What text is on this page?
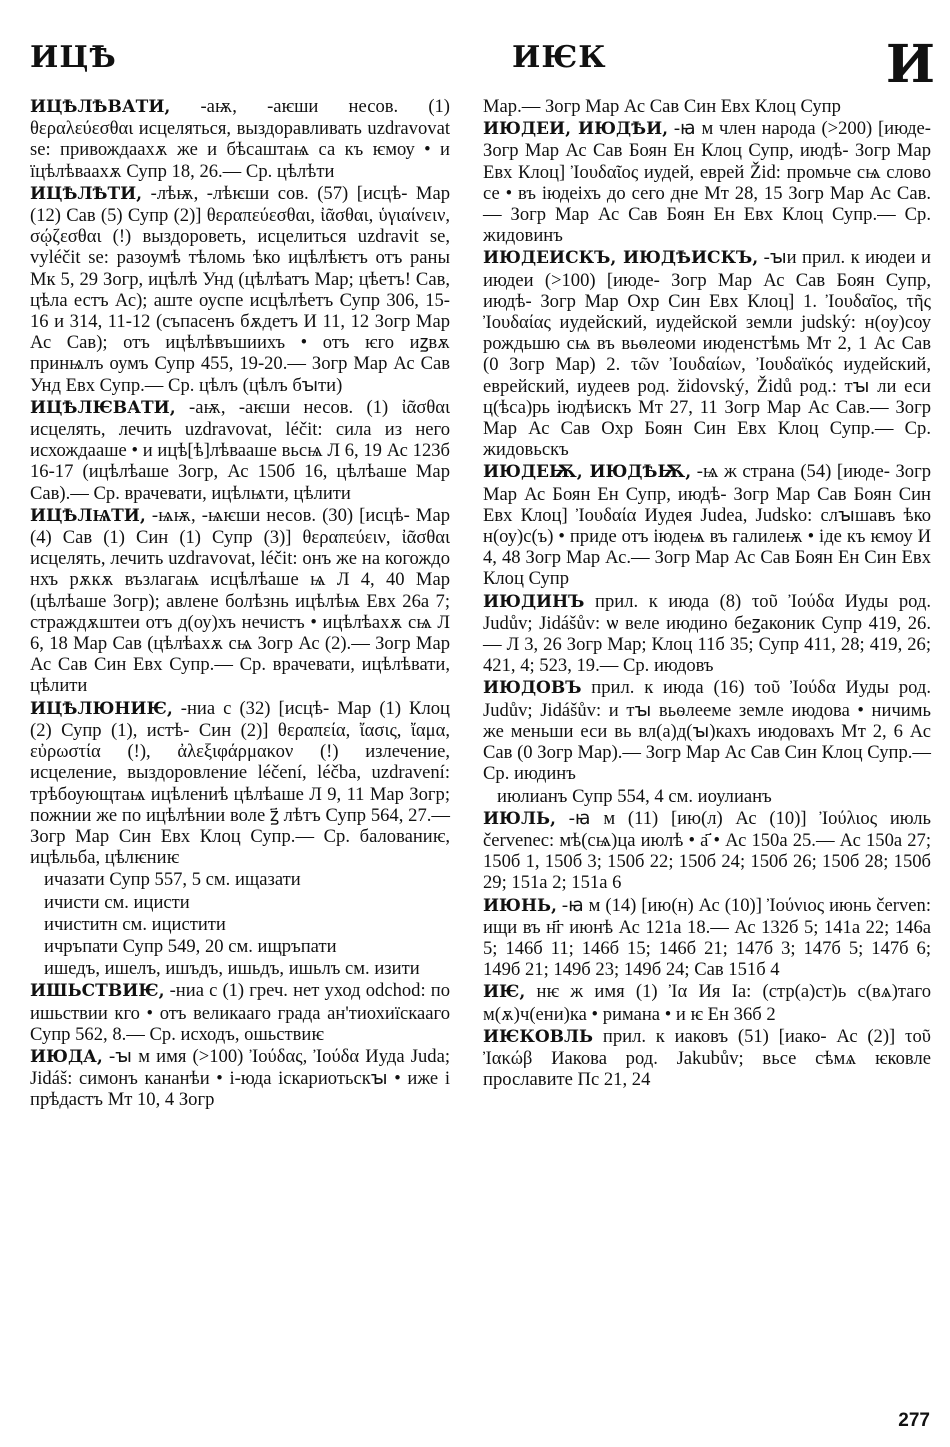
ИЦѢ	ИѤК	И

ИЦѢЛѢВАТИ, -аѭ, -аѥши несов. (1) θεραλεύεσθαι исцеляться, выздоравливать uzdravovat se: привождаахѫ же и бѣсаштаѩ са къ ѥмоу • и їцѣлѣваахѫ Супр 18, 26.— Ср. цѣлѣти

ИЦѢЛѢТИ, -лѣѭ, -лѣѥши сов. (57) [исцѣ- Мар (12) Сав (5) Супр (2)] θεραπεύεσθαι, ἰᾶσθαι, ὑγιαίνειν, σῴζεσθαι (!) выздороветь, исцелиться uzdravit se, vyléčit se: разоумѣ тѣломь ѣко ицѣлѣѥтъ отъ раны Мк 5, 29 Зогр, ицѣлѣ Унд (цѣлѣатъ Мар; цѣетъ! Сав, цѣла естъ Ас); аште оуспе исцѣлѣетъ Супр 306, 15-16 и 314, 11-12 (съпасенъ бѫдетъ И 11, 12 Зогр Мар Ас Сав); отъ ицѣлѣвъшиихъ • отъ ѥго иꙁвѫ принѩлъ оумъ Супр 455, 19-20.— Зогр Мар Ас Сав Унд Евх Супр.— Ср. цѣлъ (цѣлъ бꙑти)

ИЦѢЛѤВАТИ, -аѭ, -аѥши несов. (1) ἰᾶσθαι исцелять, лечить uzdravovat, léčit: сила из него исхождааше • и ицѣ[ѣ]лѣвааше вьсѩ Л 6, 19 Ас 123б 16-17 (ицѣлѣаше Зогр, Ас 150б 16, цѣлѣаше Мар Сав).— Ср. врачевати, ицѣлѩти, цѣлити

ИЦѢЛѨТИ, -ѩѭ, -ѩѥши несов. (30) [исцѣ- Мар (4) Сав (1) Син (1) Супр (3)] θεραπεύειν, ἰᾶσθαι исцелять, лечить uzdravovat, léčit: онъ же на когождо нхъ рѫкѫ възлагаѩ исцѣлѣаше ѩ Л 4, 40 Мар (цѣлѣаше Зогр); авлене болѣзнь ицѣлѣѩ Евх 26а 7; страждѫштеи отъ д(оу)хъ нечистъ • ицѣлѣахѫ сѩ Л 6, 18 Мар Сав (цѣлѣахѫ сѩ Зогр Ас (2).— Зогр Мар Ас Сав Син Евх Супр.— Ср. врачевати, ицѣлѣвати, цѣлити

ИЦѢЛЮНИѤ, -ниа с (32) [исцѣ- Мар (1) Клоц (2) Супр (1), истѣ- Син (2)] θεραπεία, ἴασις, ἴαμα, εὐρωστία (!), ἀλεξιφάρμακον (!) излечение, исцеление, выздоровление léčení, léčba, uzdravení: трѣбоующтаѩ ицѣлениѣ цѣлѣаше Л 9, 11 Мар Зогр; пожнии же по ицѣлѣнии воле ꙁ҃ лѣтъ Супр 564, 27.— Зогр Мар Син Евх Клоц Супр.— Ср. балованиѥ, ицѣльба, цѣлѥниѥ

ичазати Супр 557, 5 см. ищазати

ичисти см. ицисти

ичиститн см. ицистити

ичръпати Супр 549, 20 см. ищръпати

ишедъ, ишелъ, ишъдъ, ишьдъ, ишьлъ см. изити

ИШЬСТВИѤ, -ниа с (1) греч. нет уход odchod: по ишьствии кго • отъ великааго града ан'тиохиїскааго Супр 562, 8.— Ср. исходъ, ошьствиѥ

ИЮДА, -ꙑ м имя (>100) Ἰούδας, Ἰούδα Иуда Juda; Jidáš: симонъ кананѣи • і-юда іскариотьскꙑ • иже і прѣдастъ Мт 10, 4 Зогр

Мар.— Зогр Мар Ас Сав Син Евх Клоц Супр

ИЮДЕИ, ИЮДѢИ, -ꙗ м член народа (>200) [июде- Зогр Мар Ас Сав Боян Ен Клоц Супр, июдѣ- Зогр Мар Евх Клоц] Ἰουδαῖος иудей, еврей Žid: промьче сѩ слово се • въ іюдеіхъ до сего дне Мт 28, 15 Зогр Мар Ас Сав.— Зогр Мар Ас Сав Боян Ен Евх Клоц Супр.— Ср. жидовинъ

ИЮДЕИСКЪ, ИЮДѢИСКЪ, -ꙑи прил. к июдеи и июдеи (>100) [июде- Зогр Мар Ас Сав Боян Супр, июдѣ- Зогр Мар Охр Син Евх Клоц] 1. Ἰουδαῖος, τῆς Ἰουδαίας иудейский, иудейской земли judský: н(оу)соу рождьшю сѩ въ вьѳлеоми июденстѣмь Мт 2, 1 Ас Сав (0 Зогр Мар) 2. τῶν Ἰουδαίων, Ἰουδαϊκός иудейский, еврейский, иудеев род. židovský, Židů род.: тꙑ ли еси ц(ѣса)рь іюдѣискъ Мт 27, 11 Зогр Мар Ас Сав.— Зогр Мар Ас Сав Охр Боян Син Евх Клоц Супр.— Ср. жидовьскъ

ИЮДЕѬ, ИЮДѢѬ, -ѩ ж страна (54) [июде- Зогр Мар Ас Боян Ен Супр, июдѣ- Зогр Мар Сав Боян Син Евх Клоц] Ἰουδαία Иудея Judea, Judsko: слꙑшавъ ѣко н(оу)с(ъ) • приде отъ іюдеѩ въ галилеѭ • іде къ ѥмоу И 4, 48 Зогр Мар Ас.— Зогр Мар Ас Сав Боян Ен Син Евх Клоц Супр

ИЮДИНЪ прил. к июда (8) τοῦ Ἰούδα Иуды род. Judův; Jidášův: ѡ веле июдино беꙁаконик Супр 419, 26.— Л 3, 26 Зогр Мар; Клоц 11б 35; Супр 411, 28; 419, 26; 421, 4; 523, 19.— Ср. июдовъ

ИЮДОВЪ прил. к июда (16) τοῦ Ἰούδα Иуды род. Judův; Jidášův: и тꙑ вьѳлееме земле июдова • ничимь же меньши еси вь вл(а)д(ꙑ)кахъ июдовахъ Мт 2, 6 Ас Сав (0 Зогр Мар).— Зогр Мар Ас Сав Син Клоц Супр.— Ср. июдинъ

июлианъ Супр 554, 4 см. иоулианъ

ИЮЛЬ, -ꙗ м (11) [ию(л) Ас (10)] Ἰούλιος июль červenec: мѣ(сѩ)ца июлѣ • а҃ • Ас 150а 25.— Ас 150а 27; 150б 1, 150б 3; 150б 22; 150б 24; 150б 26; 150б 28; 150б 29; 151а 2; 151а 6

ИЮНЬ, -ꙗ м (14) [ию(н) Ас (10)] Ἰούνιος июнь červen: ищи въ н҃г июнѣ Ас 121а 18.— Ас 132б 5; 141а 22; 146а 5; 146б 11; 146б 15; 146б 21; 147б 3; 147б 5; 147б 6; 149б 21; 149б 23; 149б 24; Сав 151б 4

ИѤ, нѥ ж имя (1) Ἰα Ия Ia: (стр(а)ст)ь с(вѧ)таго м(ѫ)ч(ени)ка • римана • и ѥ Ен 36б 2

ИѤКОВЛЬ прил. к иаковъ (51) [иако- Ас (2)] τοῦ Ἰακώβ Иакова род. Jakubův; вьсе сѣмѧ ѥковле прославите Пс 21, 24

277
